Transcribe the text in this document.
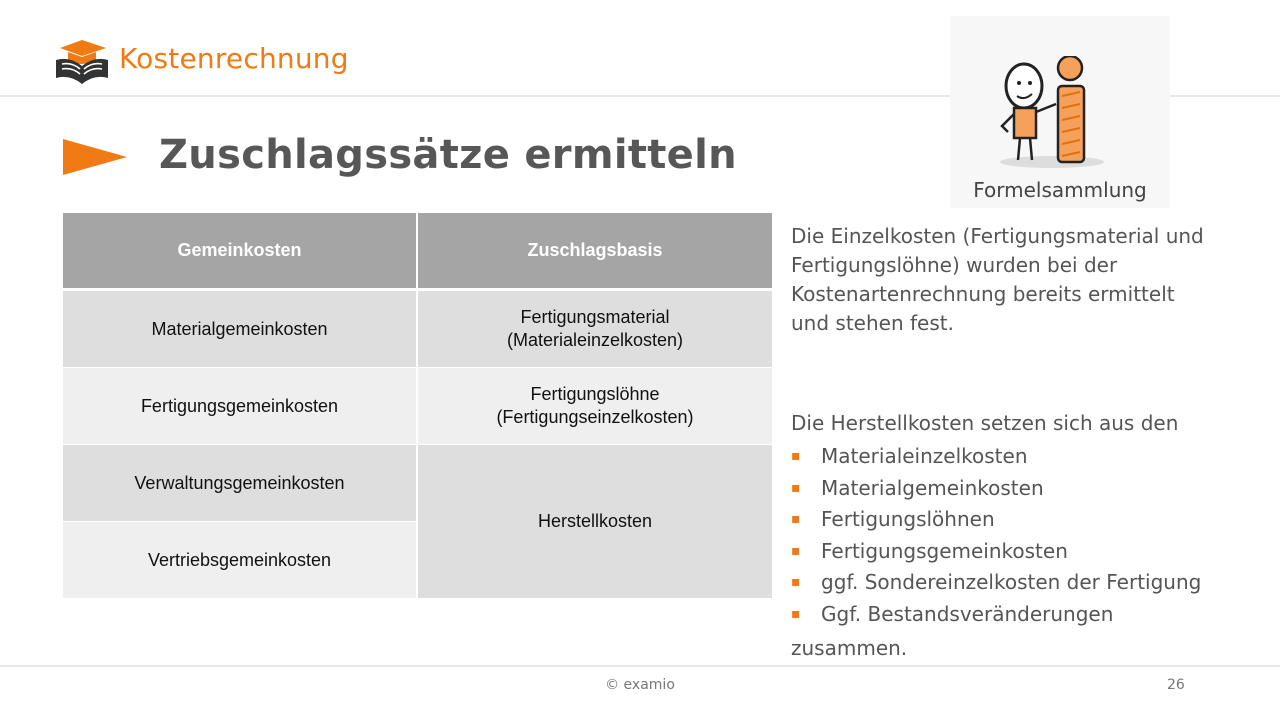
Kostenrechnung
Zuschlagssätze ermitteln
Formelsammlung
Gemeinkosten	Zuschlagsbasis
Materialgemeinkosten	Fertigungsmaterial (Materialeinzelkosten)

Fertigungsgemeinkosten	Fertigungslöhne (Fertigungseinzelkosten)

Verwaltungsgemeinkosten	Herstellkosten
Vertriebsgemeinkosten	
Die Einzelkosten (Fertigungsmaterial und Fertigungslöhne) wurden bei der Kostenartenrechnung bereits ermittelt und stehen fest.
Die Herstellkosten setzen sich aus den
▪ Materialeinzelkosten
▪ Materialgemeinkosten
▪ Fertigungslöhnen
▪ Fertigungsgemeinkosten
▪ ggf. Sondereinzelkosten der Fertigung
▪ Ggf. Bestandsveränderungen
zusammen.
© examio	26
